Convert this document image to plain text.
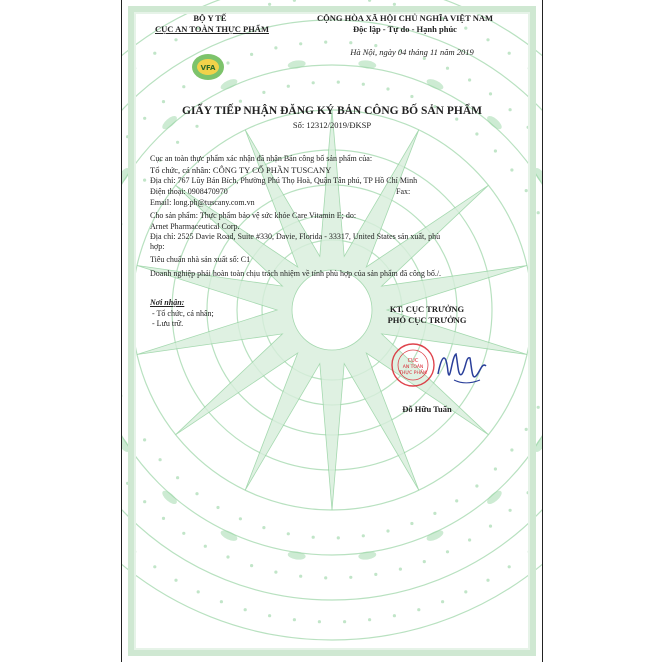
VFA
BỘ Y TẾ
CỤC AN TOÀN THỰC PHẨM
CỘNG HÒA XÃ HỘI CHỦ NGHĨA VIỆT NAM
Độc lập - Tự do - Hạnh phúc
Hà Nội, ngày 04 tháng 11 năm 2019
GIẤY TIẾP NHẬN ĐĂNG KÝ BẢN CÔNG BỐ SẢN PHẨM
Số: 12312/2019/ĐKSP
Cục an toàn thực phẩm xác nhận đã nhận Bản công bố sản phẩm của:
Tổ chức, cá nhân: CÔNG TY CỔ PHẦN TUSCANY
Địa chỉ: 767 Lũy Bán Bích, Phường Phú Thọ Hoà, Quận Tân phú, TP Hồ Chí Minh
Điện thoại: 0908470970	Fax:
Email: long.ph@tuscany.com.vn
Cho sản phẩm: Thực phẩm bảo vệ sức khỏe Care Vitamin E; do:
Arnet Pharmaceutical Corp.
Địa chỉ: 2525 Davie Road, Suite #330, Davie, Florida - 33317, United States sản xuất, phù
hợp:
Tiêu chuẩn nhà sản xuất số: C1
Doanh nghiệp phải hoàn toàn chịu trách nhiệm về tính phù hợp của sản phẩm đã công bố./.
Nơi nhận:
- Tổ chức, cá nhân;
- Lưu trữ.
KT. CỤC TRƯỞNG
PHÓ CỤC TRƯỞNG
CỤC
AN TOÀN
THỰC PHẨM
Đỗ Hữu Tuấn
